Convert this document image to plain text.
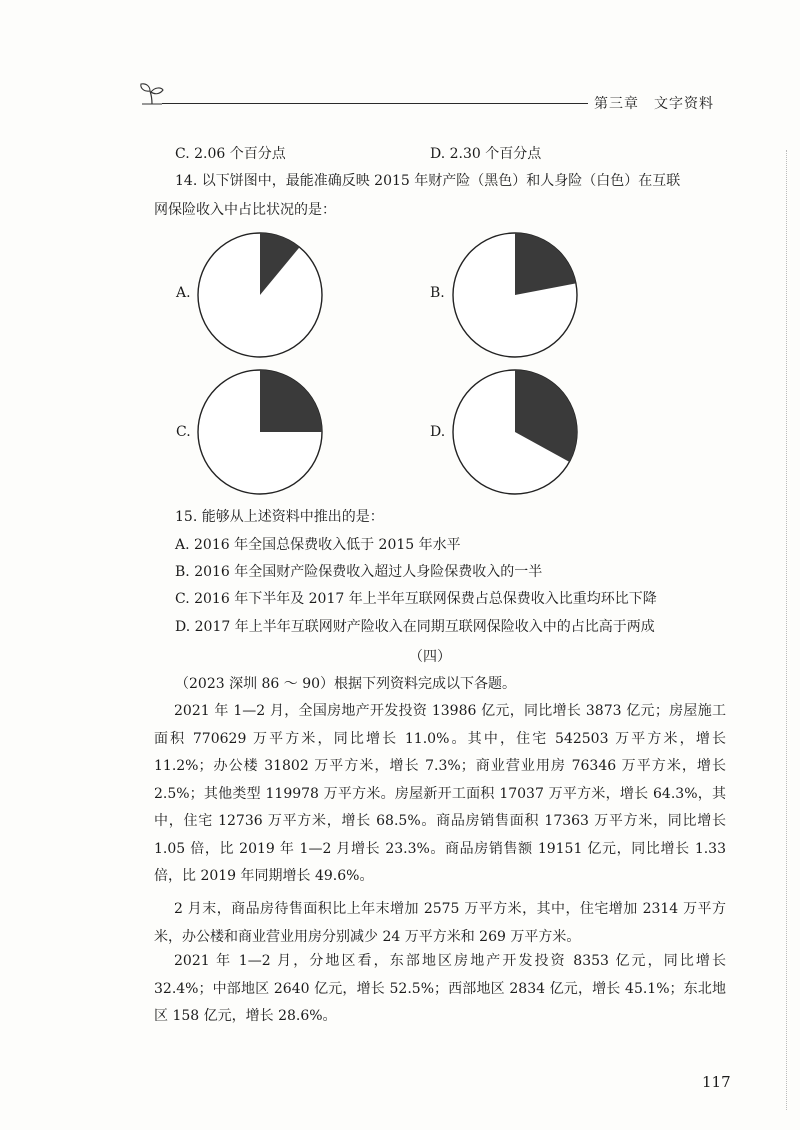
第三章　文字资料
C. 2.06 个百分点	D. 2.30 个百分点
14. 以下饼图中，最能准确反映 2015 年财产险（黑色）和人身险（白色）在互联
网保险收入中占比状况的是：
A.	B.
C.	D.
15. 能够从上述资料中推出的是：
A. 2016 年全国总保费收入低于 2015 年水平
B. 2016 年全国财产险保费收入超过人身险保费收入的一半
C. 2016 年下半年及 2017 年上半年互联网保费占总保费收入比重均环比下降
D. 2017 年上半年互联网财产险收入在同期互联网保险收入中的占比高于两成
（四）
（2023 深圳 86 ～ 90）根据下列资料完成以下各题。
2021 年 1—2 月，全国房地产开发投资 13986 亿元，同比增长 3873 亿元；房屋施工面积 770629 万平方米，同比增长 11.0%。其中，住宅 542503 万平方米，增长 11.2%；办公楼 31802 万平方米，增长 7.3%；商业营业用房 76346 万平方米，增长 2.5%；其他类型 119978 万平方米。房屋新开工面积 17037 万平方米，增长 64.3%，其中，住宅 12736 万平方米，增长 68.5%。商品房销售面积 17363 万平方米，同比增长 1.05 倍，比 2019 年 1—2 月增长 23.3%。商品房销售额 19151 亿元，同比增长 1.33 倍，比 2019 年同期增长 49.6%。
2 月末，商品房待售面积比上年末增加 2575 万平方米，其中，住宅增加 2314 万平方米，办公楼和商业营业用房分别减少 24 万平方米和 269 万平方米。
2021 年 1—2 月，分地区看，东部地区房地产开发投资 8353 亿元，同比增长 32.4%；中部地区 2640 亿元，增长 52.5%；西部地区 2834 亿元，增长 45.1%；东北地区 158 亿元，增长 28.6%。
117
